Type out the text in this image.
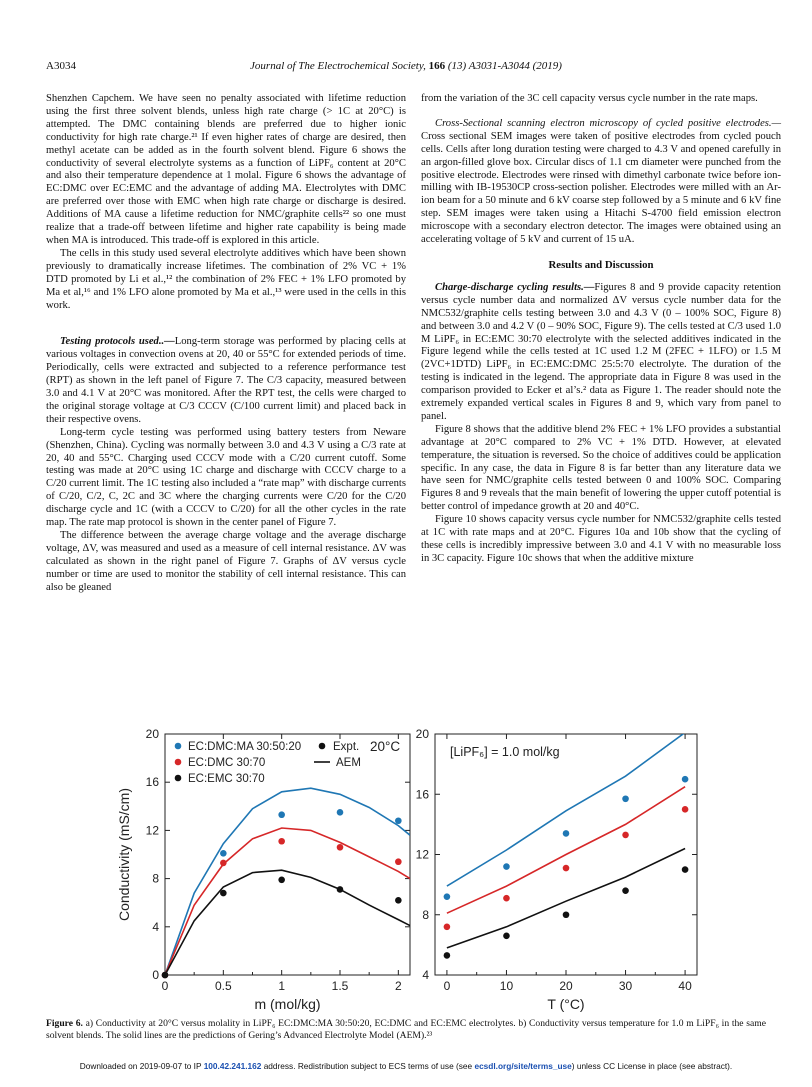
A3034	Journal of The Electrochemical Society, 166 (13) A3031-A3044 (2019)

Shenzhen Capchem. We have seen no penalty associated with lifetime reduction using the first three solvent blends, unless high rate charge (> 1C at 20°C) is attempted. The DMC containing blends are preferred due to higher ionic conductivity for high rate charge.²¹ If even higher rates of charge are desired, then methyl acetate can be added as in the fourth solvent blend. Figure 6 shows the conductivity of several electrolyte systems as a function of LiPF₆ content at 20°C and also their temperature dependence at 1 molal. Figure 6 shows the advantage of EC:DMC over EC:EMC and the advantage of adding MA. Electrolytes with DMC are preferred over those with EMC when high rate charge or discharge is desired. Additions of MA cause a lifetime reduction for NMC/graphite cells²² so one must realize that a trade-off between lifetime and higher rate capability is being made when MA is introduced. This trade-off is explored in this article.

The cells in this study used several electrolyte additives which have been shown previously to dramatically increase lifetimes. The combination of 2% VC + 1% DTD promoted by Li et al.,¹² the combination of 2% FEC + 1% LFO promoted by Ma et al,¹⁶ and 1% LFO alone promoted by Ma et al.,¹³ were used in the cells in this work.

Testing protocols used..—Long-term storage was performed by placing cells at various voltages in convection ovens at 20, 40 or 55°C for extended periods of time. Periodically, cells were extracted and subjected to a reference performance test (RPT) as shown in the left panel of Figure 7. The C/3 capacity, measured between 3.0 and 4.1 V at 20°C was monitored. After the RPT test, the cells were charged to the original storage voltage at C/3 CCCV (C/100 current limit) and placed back in their respective ovens.

Long-term cycle testing was performed using battery testers from Neware (Shenzhen, China). Cycling was normally between 3.0 and 4.3 V using a C/3 rate at 20, 40 and 55°C. Charging used CCCV mode with a C/20 current cutoff. Some testing was made at 20°C using 1C charge and discharge with CCCV charge to a C/20 current limit. The 1C testing also included a “rate map” with discharge currents of C/20, C/2, C, 2C and 3C where the charging currents were C/20 for the C/20 discharge cycle and 1C (with a CCCV to C/20) for all the other cycles in the rate map. The rate map protocol is shown in the center panel of Figure 7.

The difference between the average charge voltage and the average discharge voltage, ΔV, was measured and used as a measure of cell internal resistance. ΔV was calculated as shown in the right panel of Figure 7. Graphs of ΔV versus cycle number or time are used to monitor the stability of cell internal resistance. This can also be gleaned

from the variation of the 3C cell capacity versus cycle number in the rate maps.

Cross-Sectional scanning electron microscopy of cycled positive electrodes.—Cross sectional SEM images were taken of positive electrodes from cycled pouch cells. Cells after long duration testing were charged to 4.3 V and opened carefully in an argon-filled glove box. Circular discs of 1.1 cm diameter were punched from the positive electrode. Electrodes were rinsed with dimethyl carbonate twice before ion-milling with IB-19530CP cross-section polisher. Electrodes were milled with an Ar-ion beam for a 50 minute and 6 kV coarse step followed by a 5 minute and 6 kV fine step. SEM images were taken using a Hitachi S-4700 field emission electron microscope with a secondary electron detector. The images were obtained using an accelerating voltage of 5 kV and current of 15 uA.

Results and Discussion

Charge-discharge cycling results.—Figures 8 and 9 provide capacity retention versus cycle number data and normalized ΔV versus cycle number data for the NMC532/graphite cells testing between 3.0 and 4.3 V (0 – 100% SOC, Figure 8) and between 3.0 and 4.2 V (0 – 90% SOC, Figure 9). The cells tested at C/3 used 1.0 M LiPF₆ in EC:EMC 30:70 electrolyte with the selected additives indicated in the Figure legend while the cells tested at 1C used 1.2 M (2FEC + 1LFO) or 1.5 M (2VC+1DTD) LiPF₆ in EC:EMC:DMC 25:5:70 electrolyte. The duration of the testing is indicated in the legend. The appropriate data in Figure 8 was used in the comparison provided to Ecker et al’s.² data as Figure 1. The reader should note the extremely expanded vertical scales in Figures 8 and 9, which vary from panel to panel.

Figure 8 shows that the additive blend 2% FEC + 1% LFO provides a substantial advantage at 20°C compared to 2% VC + 1% DTD. However, at elevated temperature, the situation is reversed. So the choice of additives could be application specific. In any case, the data in Figure 8 is far better than any literature data we have seen for NMC/graphite cells tested between 0 and 100% SOC. Comparing Figures 8 and 9 reveals that the main benefit of lowering the upper cutoff potential is better control of impedance growth at 20 and 40°C.

Figure 10 shows capacity versus cycle number for NMC532/graphite cells tested at 1C with rate maps and at 20°C. Figures 10a and 10b show that the cycling of these cells is incredibly impressive between 3.0 and 4.1 V with no measurable loss in 3C capacity. Figure 10c shows that when the additive mixture

0	0.5	1	1.5	2
0
4
8
12
16
20
m (mol/kg)
Conductivity (mS/cm)
EC:DMC:MA 30:50:20
EC:DMC 30:70
EC:EMC 30:70
Expt.
AEM
20°C
0	10	20	30	40
4
8
12
16
20
T (°C)
[LiPF₆] = 1.0 mol/kg
Figure 6. a) Conductivity at 20°C versus molality in LiPF₆ EC:DMC:MA 30:50:20, EC:DMC and EC:EMC electrolytes. b) Conductivity versus temperature for 1.0 m LiPF₆ in the same solvent blends. The solid lines are the predictions of Gering’s Advanced Electrolyte Model (AEM).²³
Downloaded on 2019-09-07 to IP 100.42.241.162 address. Redistribution subject to ECS terms of use (see ecsdl.org/site/terms_use) unless CC License in place (see abstract).
